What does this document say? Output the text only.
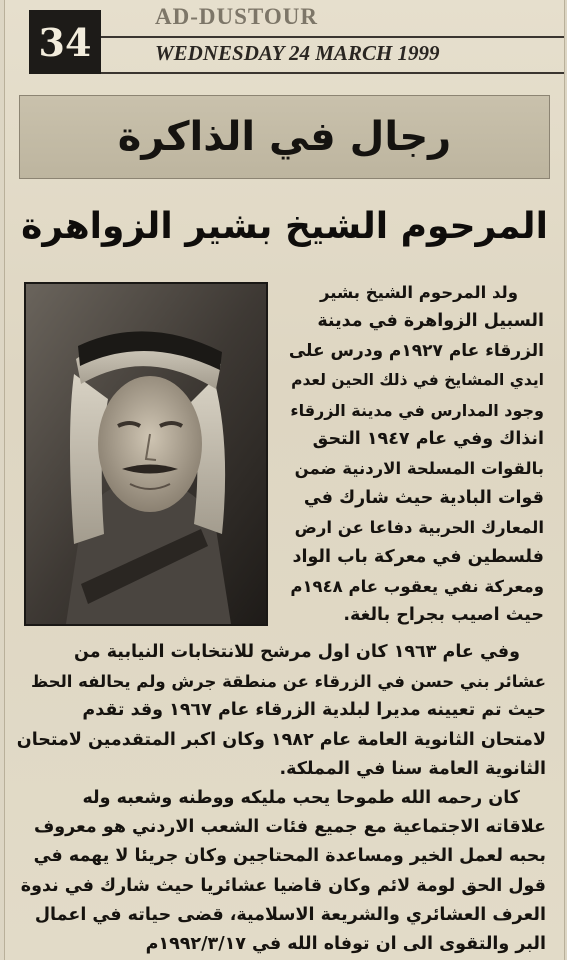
34
AD-DUSTOUR
WEDNESDAY 24 MARCH 1999
رجال في الذاكرة
المرحوم الشيخ بشير الزواهرة

ولد المرحوم الشيخ بشير

السبيل الزواهرة في مدينة

الزرقاء عام ١٩٢٧م ودرس على

ايدي المشايخ في ذلك الحين لعدم

وجود المدارس في مدينة الزرقاء

انذاك وفي عام ١٩٤٧ التحق

بالقوات المسلحة الاردنية ضمن

قوات البادية حيث شارك في

المعارك الحربية دفاعا عن ارض

فلسطين في معركة باب الواد

ومعركة نفي يعقوب عام ١٩٤٨م

حيث اصيب بجراح بالغة.

وفي عام ١٩٦٣ كان اول مرشح للانتخابات النيابية من

عشائر بني حسن في الزرقاء عن منطقة جرش ولم يحالفه الحظ

حيث تم تعيينه مديرا لبلدية الزرقاء عام ١٩٦٧ وقد تقدم

لامتحان الثانوية العامة عام ١٩٨٢ وكان اكبر المتقدمين لامتحان

الثانوية العامة سنا في المملكة.

كان رحمه الله طموحا يحب مليكه ووطنه وشعبه وله

علاقاته الاجتماعية مع جميع فئات الشعب الاردني هو معروف

بحبه لعمل الخير ومساعدة المحتاجين وكان جريئا لا يهمه في

قول الحق لومة لائم وكان قاضيا عشائريا حيث شارك في ندوة

العرف العشائري والشريعة الاسلامية، قضى حياته في اعمال

البر والتقوى الى ان توفاه الله في ١٩٩٢/٣/١٧م
